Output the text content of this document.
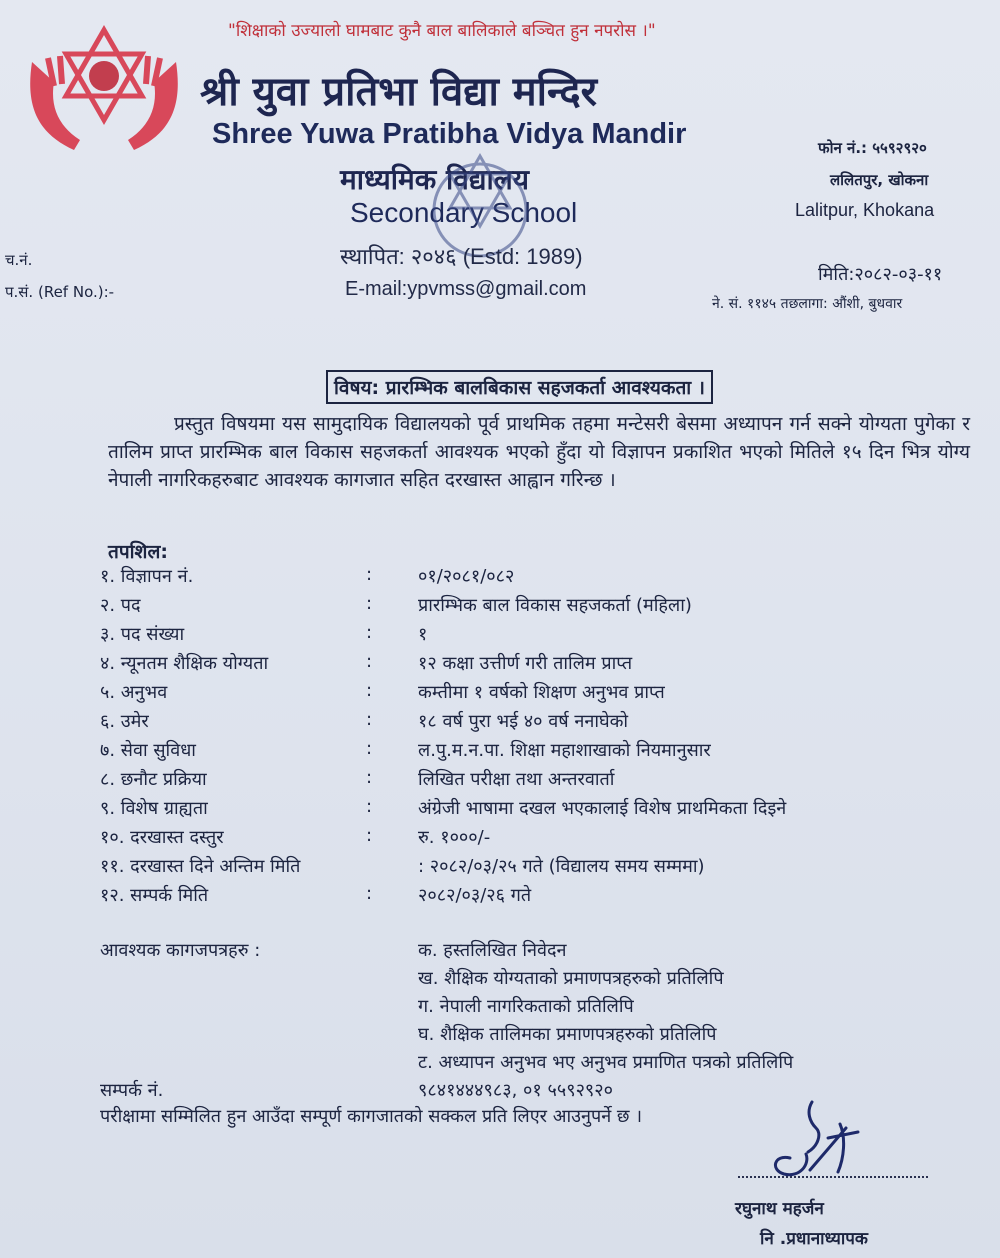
"शिक्षाको उज्यालो घामबाट कुनै बाल बालिकाले बञ्चित हुन नपरोस ।"
श्री युवा प्रतिभा विद्या मन्दिर
Shree Yuwa Pratibha Vidya Mandir
माध्यमिक विद्यालय
Secondary School
स्थापित: २०४६ (Estd: 1989)
E-mail:ypvmss@gmail.com
फोन नं.: ५५९२९२०
ललितपुर, खोकना
Lalitpur, Khokana
मिति:२०८२-०३-११
ने. सं. ११४५ तछलागा: औंशी, बुधवार
च.नं.
प.सं. (Ref No.):-
विषय: प्रारम्भिक बालबिकास सहजकर्ता आवश्यकता ।
प्रस्तुत विषयमा यस सामुदायिक विद्यालयको पूर्व प्राथमिक तहमा मन्टेसरी बेसमा अध्यापन गर्न सक्ने योग्यता पुगेका र तालिम प्राप्त प्रारम्भिक बाल विकास सहजकर्ता आवश्यक भएको हुँदा यो विज्ञापन प्रकाशित भएको मितिले १५ दिन भित्र योग्य नेपाली नागरिकहरुबाट आवश्यक कागजात सहित दरखास्त आह्वान गरिन्छ ।
तपशिल:
१. विज्ञापन नं.	:	०१/२०८१/०८२
२. पद	:	प्रारम्भिक बाल विकास सहजकर्ता (महिला)
३. पद संख्या	:	१
४. न्यूनतम शैक्षिक योग्यता	:	१२ कक्षा उत्तीर्ण गरी तालिम प्राप्त
५. अनुभव	:	कम्तीमा १ वर्षको शिक्षण अनुभव प्राप्त
६. उमेर	:	१८ वर्ष पुरा भई ४० वर्ष ननाघेको
७. सेवा सुविधा	:	ल.पु.म.न.पा. शिक्षा महाशाखाको नियमानुसार
८. छनौट प्रक्रिया	:	लिखित परीक्षा तथा अन्तरवार्ता
९. विशेष ग्राह्यता	:	अंग्रेजी भाषामा दखल भएकालाई विशेष प्राथमिकता दिइने
१०. दरखास्त दस्तुर	:	रु. १०००/-
११. दरखास्त दिने अन्तिम मिति	: २०८२/०३/२५ गते (विद्यालय समय सम्ममा)
१२. सम्पर्क मिति	:	२०८२/०३/२६ गते
आवश्यक कागजपत्रहरु :	क. हस्तलिखित निवेदन
ख. शैक्षिक योग्यताको प्रमाणपत्रहरुको प्रतिलिपि
ग. नेपाली नागरिकताको प्रतिलिपि
घ. शैक्षिक तालिमका प्रमाणपत्रहरुको प्रतिलिपि
ट. अध्यापन अनुभव भए अनुभव प्रमाणित पत्रको प्रतिलिपि
सम्पर्क नं.	९८४१४४४९८३, ०१ ५५९२९२०
परीक्षामा सम्मिलित हुन आउँदा सम्पूर्ण कागजातको सक्कल प्रति लिएर आउनुपर्ने छ ।
रघुनाथ महर्जन
नि .प्रधानाध्यापक
